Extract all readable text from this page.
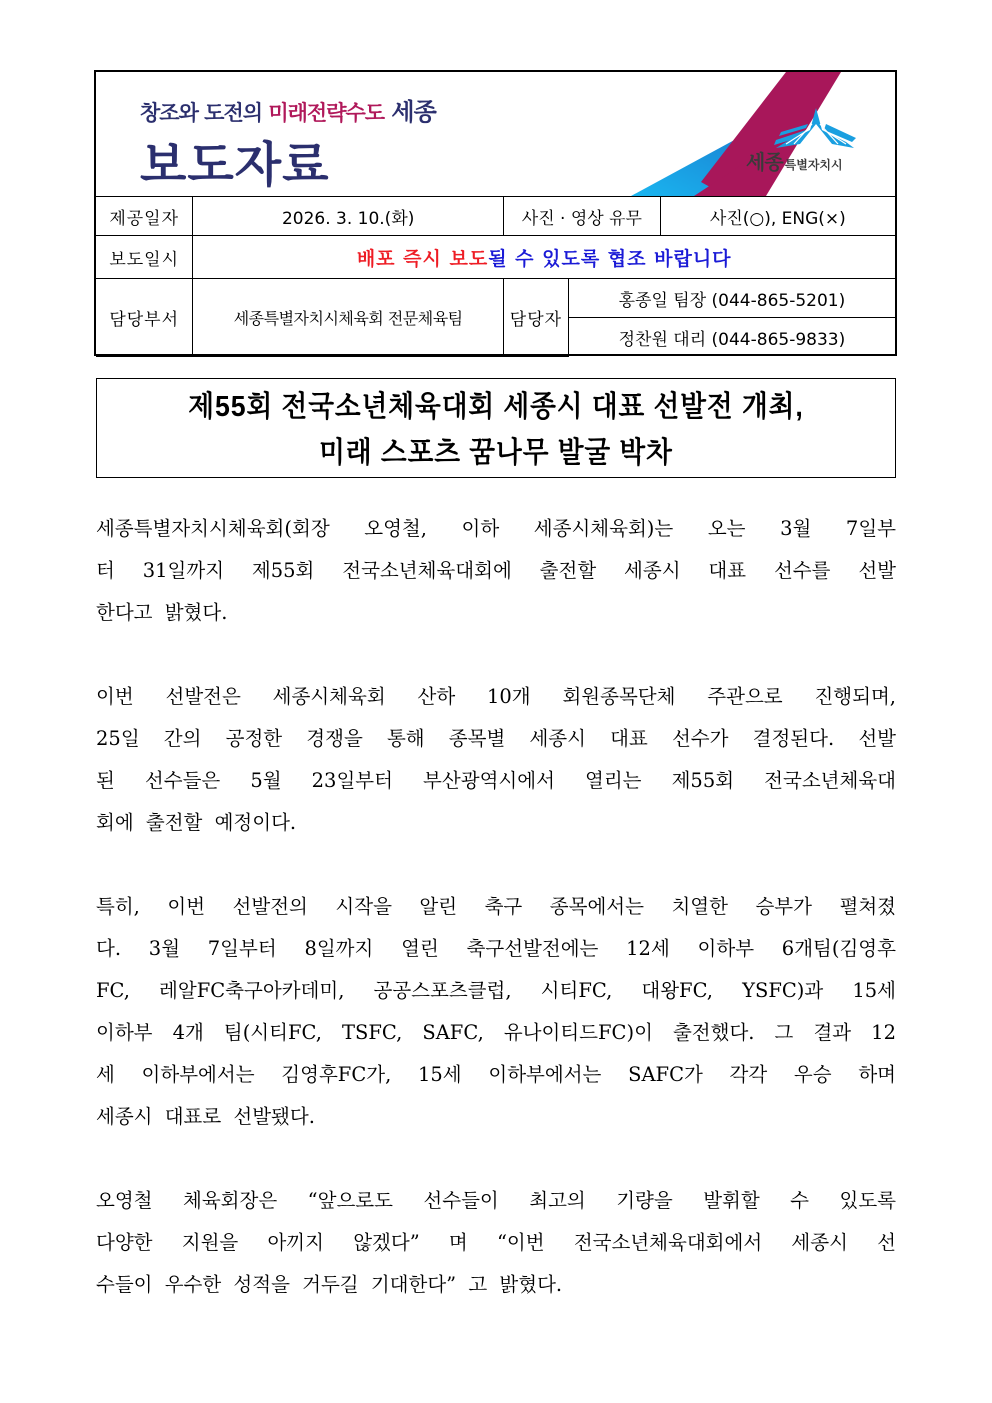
창조와 도전의 미래전략수도 세종
보도자료	세종 특별자치시
제공일자	2026. 3. 10.(화)	사진 · 영상 유무		사진(○), ENG(×)
보도일시	배포 즉시 보도될 수 있도록 협조 바랍니다			
담당부서	세종특별자치시체육회 전문체육팀	담당자	홍종일 팀장 (044-865-5201)	
			정찬원 대리 (044-865-9833)	
제55회 전국소년체육대회 세종시 대표 선발전 개최,
미래 스포츠 꿈나무 발굴 박차

세종특별자치시체육회(회장 오영철, 이하 세종시체육회)는 오는 3월 7일부
터 31일까지 제55회 전국소년체육대회에 출전할 세종시 대표 선수를 선발
한다고 밝혔다.

이번 선발전은 세종시체육회 산하 10개 회원종목단체 주관으로 진행되며,
25일 간의 공정한 경쟁을 통해 종목별 세종시 대표 선수가 결정된다. 선발
된 선수들은 5월 23일부터 부산광역시에서 열리는 제55회 전국소년체육대
회에 출전할 예정이다.

특히, 이번 선발전의 시작을 알린 축구 종목에서는 치열한 승부가 펼쳐졌
다. 3월 7일부터 8일까지 열린 축구선발전에는 12세 이하부 6개팀(김영후
FC, 레알FC축구아카데미, 공공스포츠클럽, 시티FC, 대왕FC, YSFC)과 15세
이하부 4개 팀(시티FC, TSFC, SAFC, 유나이티드FC)이 출전했다. 그 결과 12
세 이하부에서는 김영후FC가, 15세 이하부에서는 SAFC가 각각 우승 하며
세종시 대표로 선발됐다.

오영철 체육회장은 “앞으로도 선수들이 최고의 기량을 발휘할 수 있도록
다양한 지원을 아끼지 않겠다” 며 “이번 전국소년체육대회에서 세종시 선
수들이 우수한 성적을 거두길 기대한다” 고 밝혔다.
